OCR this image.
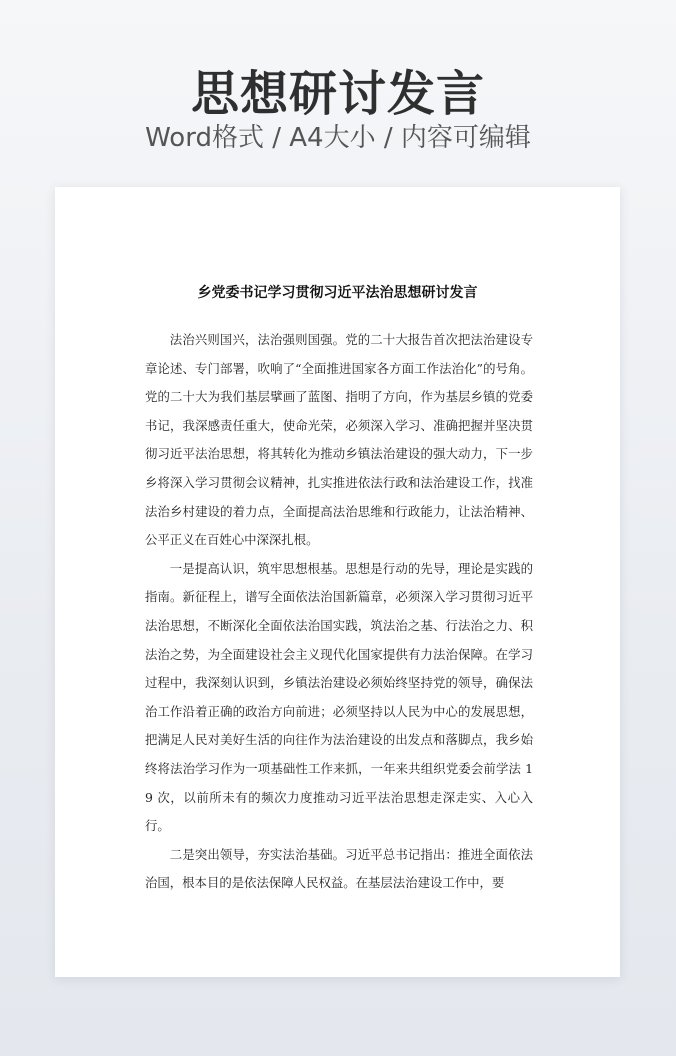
思想研讨发言
Word格式 / A4大小 / 内容可编辑
乡党委书记学习贯彻习近平法治思想研讨发言

法治兴则国兴，法治强则国强。党的二十大报告首次把法治建设专章论述、专门部署，吹响了“全面推进国家各方面工作法治化”的号角。党的二十大为我们基层擘画了蓝图、指明了方向，作为基层乡镇的党委书记，我深感责任重大，使命光荣，必须深入学习、准确把握并坚决贯彻习近平法治思想，将其转化为推动乡镇法治建设的强大动力，下一步乡将深入学习贯彻会议精神，扎实推进依法行政和法治建设工作，找准法治乡村建设的着力点，全面提高法治思维和行政能力，让法治精神、公平正义在百姓心中深深扎根。

一是提高认识，筑牢思想根基。思想是行动的先导，理论是实践的指南。新征程上，谱写全面依法治国新篇章，必须深入学习贯彻习近平法治思想，不断深化全面依法治国实践，筑法治之基、行法治之力、积法治之势，为全面建设社会主义现代化国家提供有力法治保障。在学习过程中，我深刻认识到，乡镇法治建设必须始终坚持党的领导，确保法治工作沿着正确的政治方向前进；必须坚持以人民为中心的发展思想，把满足人民对美好生活的向往作为法治建设的出发点和落脚点，我乡始终将法治学习作为一项基础性工作来抓，一年来共组织党委会前学法 19 次，以前所未有的频次力度推动习近平法治思想走深走实、入心入行。

二是突出领导，夯实法治基础。习近平总书记指出：推进全面依法治国，根本目的是依法保障人民权益。在基层法治建设工作中，要
